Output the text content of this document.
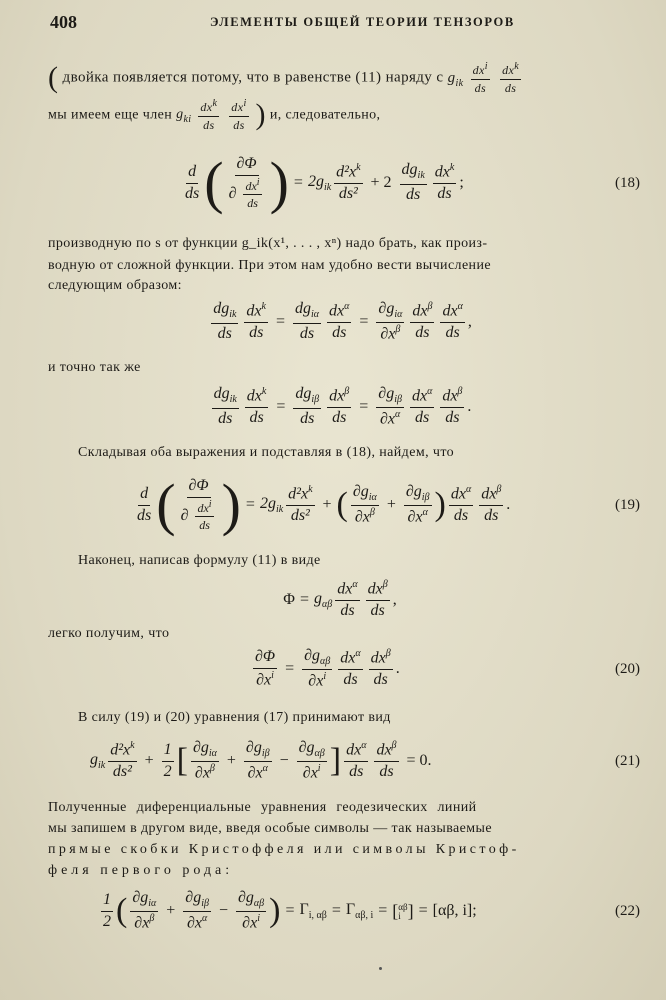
408	ЭЛЕМЕНТЫ ОБЩЕЙ ТЕОРИИ ТЕНЗОРОВ
( двойка появляется потому, что в равенстве (11) наряду с $g_{ik} \frac{dx^i}{ds}$
$\frac{dx^k}{ds}$
мы имеем еще член $g_{ki} \frac{dx^k}{ds}$
$\frac{dx^i}{ds}$ ) и, следовательно,
$\frac{d}{ds}$ ( $\frac{\partial\Phi}{\partial \frac{dx^i}{ds}}$ ) = $2g_{ik} \frac{d^2x^k}{\text{ds²}} + 2 \frac{dg_{ik}}{ds} \frac{dx^k}{ds}$ ;	(18)
производную по s от функции g_ik(x¹, . . . , xⁿ) надо брать, как произ-
водную от сложной функции. При этом нам удобно вести вычисление
следующим образом:
$\frac{dg_{ik}}{ds} \frac{dx^k}{ds} = \frac{dg_{i\alpha}}{ds} \frac{dx^\alpha}{ds} = \frac{\partial g_{i\alpha}}{\partial x^\beta} \frac{dx^\beta}{ds} \frac{dx^\alpha}{ds}$ ,
и точно так же
$\frac{dg_{ik}}{ds} \frac{dx^k}{ds} = \frac{dg_{i\beta}}{ds} \frac{dx^\beta}{ds} = \frac{\partial g_{i\beta}}{\partial x^\alpha} \frac{dx^\alpha}{ds} \frac{dx^\beta}{ds}$ .
Складывая оба выражения и подставляя в (18), найдем, что
$\frac{d}{ds}$ ( $\frac{\partial\Phi}{\partial \frac{dx^i}{ds}}$ ) = $2g_{ik} \frac{d^2x^k}{\text{ds²}}$ + ( $\frac{\partial g_{i\alpha}}{\partial x^\beta} + \frac{\partial g_{i\beta}}{\partial x^\alpha}$ ) $\frac{dx^\alpha}{ds} \frac{dx^\beta}{ds}$ .	(19)
Наконец, написав формулу (11) в виде
$\Phi = g_{\alpha\beta} \frac{dx^\alpha}{ds} \frac{dx^\beta}{ds}$ ,
легко получим, что
$\frac{\partial\Phi}{\partial x^i} = \frac{\partial g_{\alpha\beta}}{\partial x^i} \frac{dx^\alpha}{ds} \frac{dx^\beta}{ds}$ .	(20)
В силу (19) и (20) уравнения (17) принимают вид
$g_{ik} \frac{d^2x^k}{\text{ds²}} + \frac{1}{2}$ [ $\frac{\partial g_{i\alpha}}{\partial x^\beta} + \frac{\partial g_{i\beta}}{\partial x^\alpha} - \frac{\partial g_{\alpha\beta}}{\partial x^i}$ ] $\frac{dx^\alpha}{ds} \frac{dx^\beta}{ds} = 0$.	(21)
Полученные диференциальные уравнения геодезических линий
мы запишем в другом виде, введя особые символы — так называемые
прямые скобки Кристоффеля или символы Кристоф-
феля первого рода:
$\frac{1}{2}$ ( $\frac{\partial g_{i\alpha}}{\partial x^\beta} + \frac{\partial g_{i\beta}}{\partial x^\alpha} - \frac{\partial g_{\alpha\beta}}{\partial x^i}$ ) = $\Gamma_{i, \alpha\beta} = \Gamma_{\alpha\beta, i}$ = [ αβ
i ] = [αβ, i];	(22)
